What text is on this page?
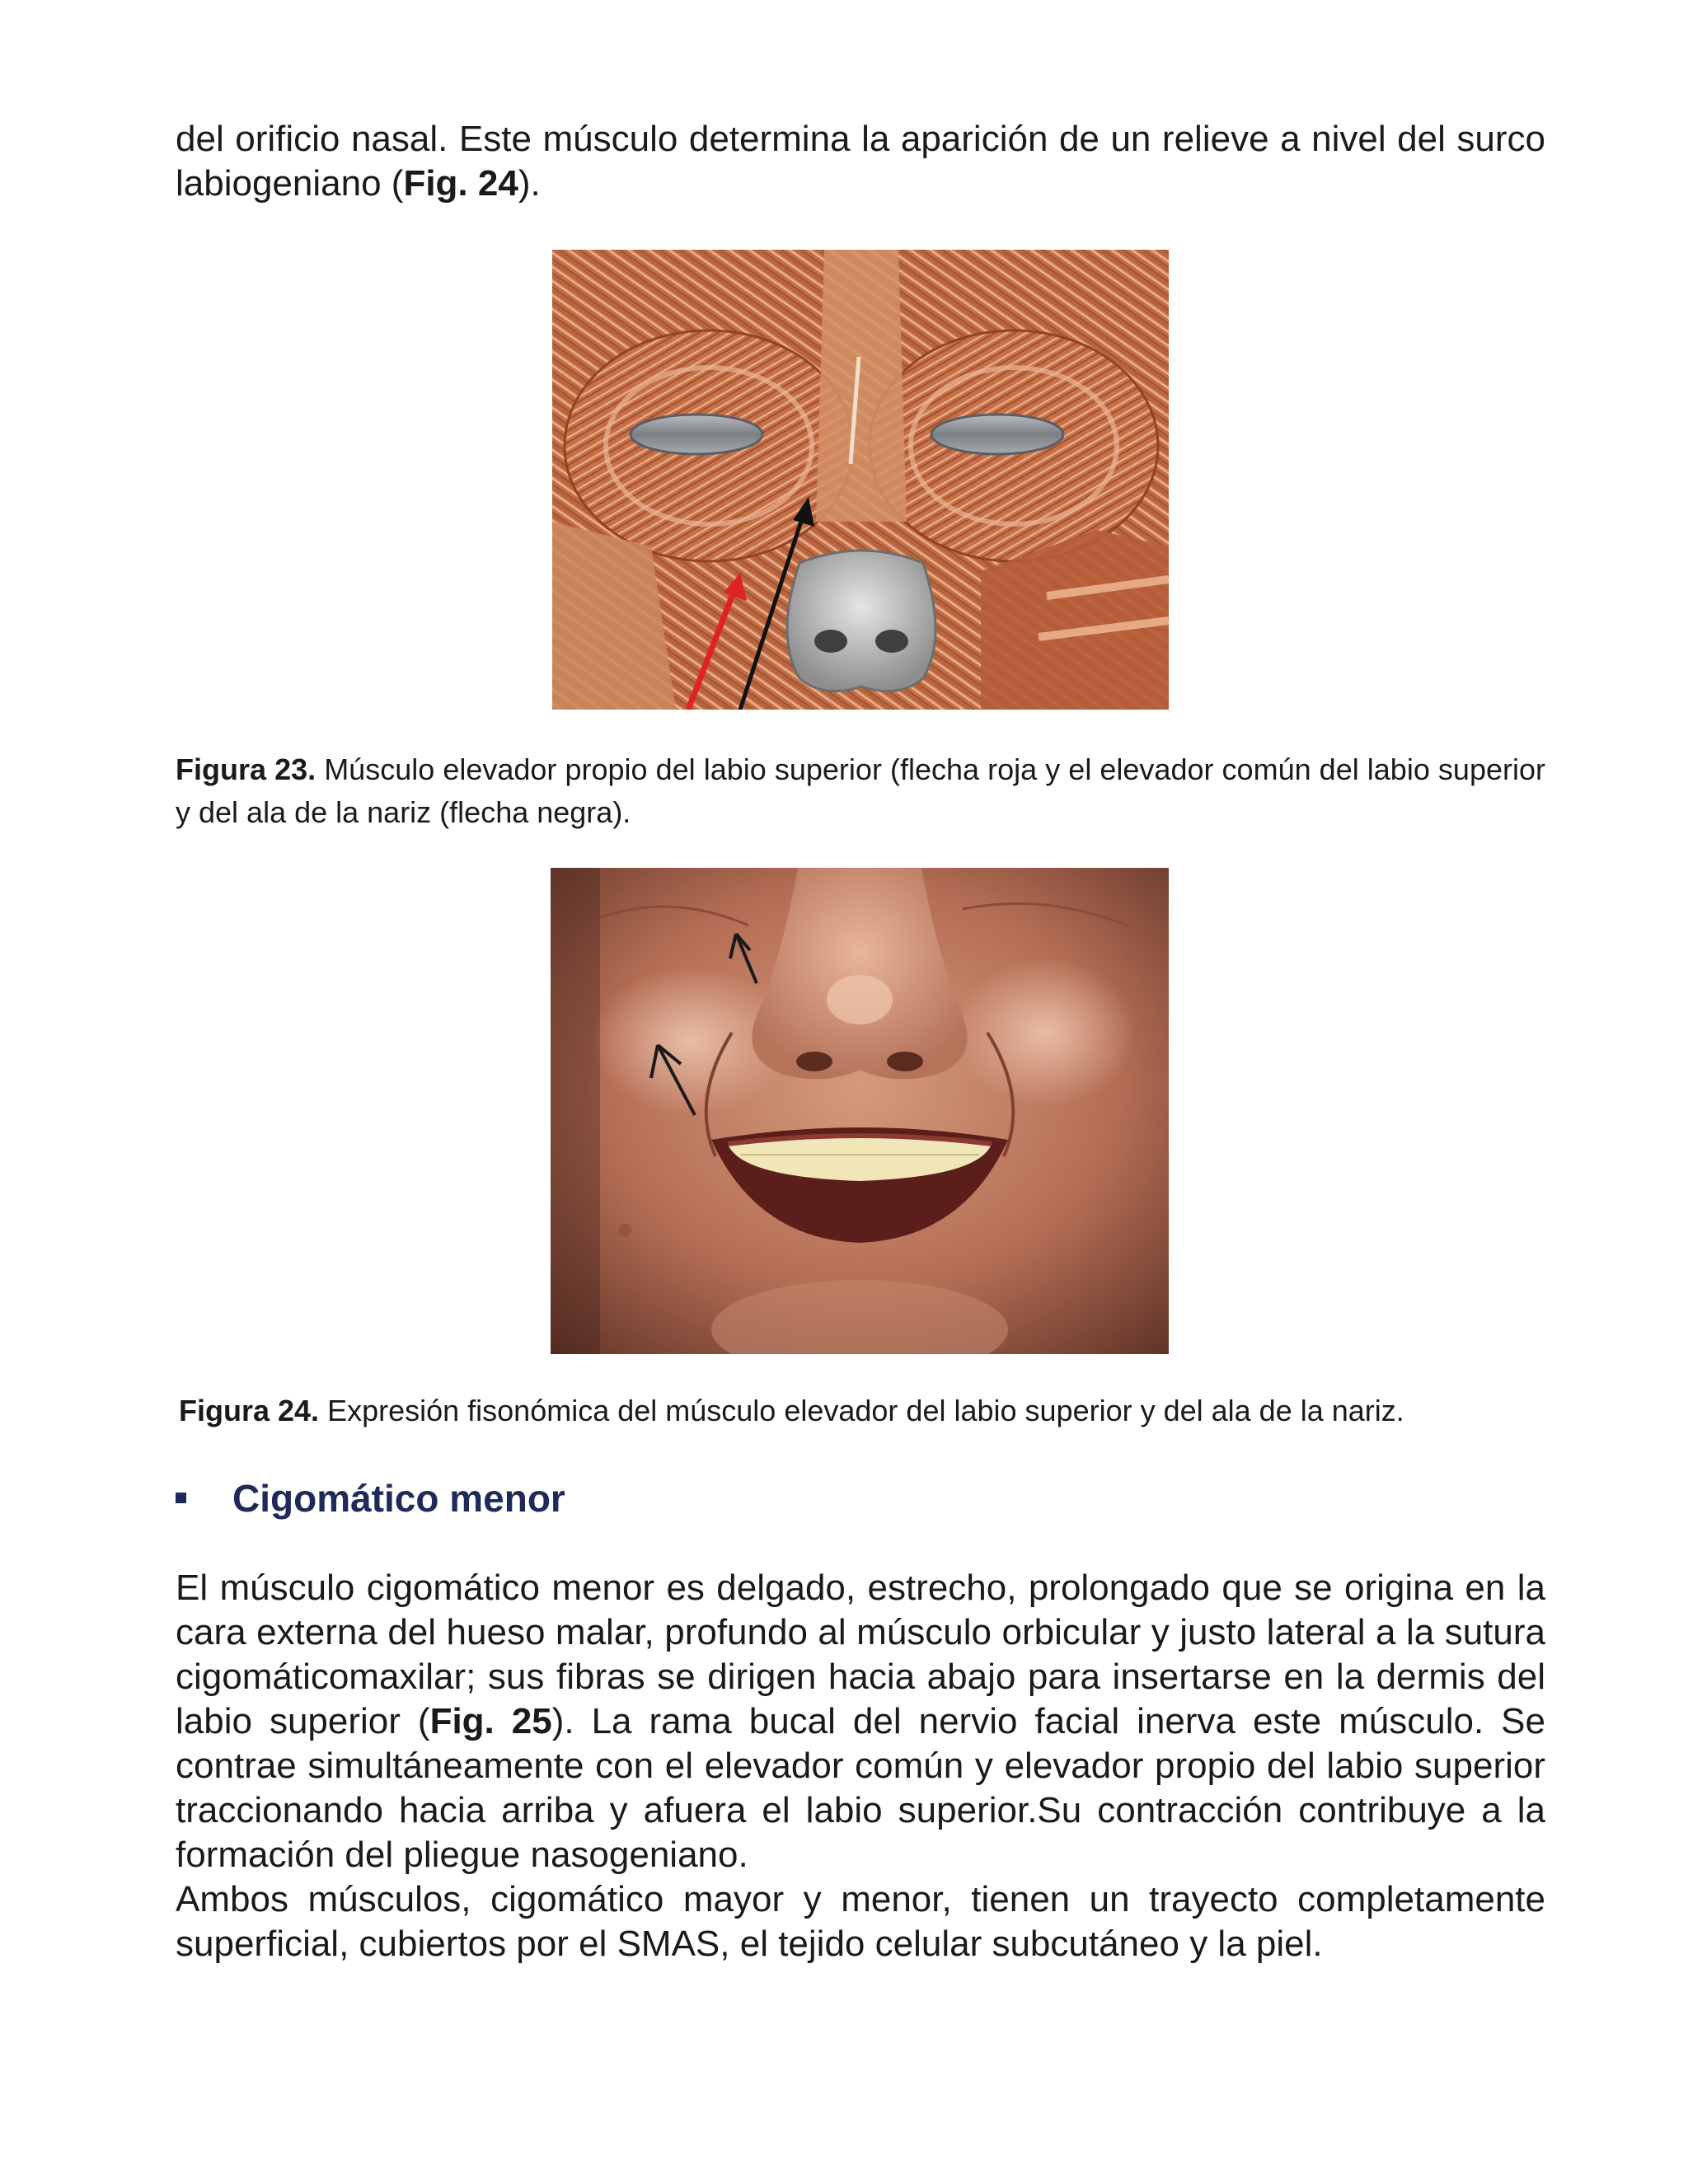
del orificio nasal. Este músculo determina la aparición de un relieve a nivel del surco labiogeniano (Fig. 24).

Figura 23. Músculo elevador propio del labio superior (flecha roja y el elevador común del labio superior y del ala de la nariz (flecha negra).

Figura 24. Expresión fisonómica del músculo elevador del labio superior y del ala de la nariz.

Cigomático menor

El músculo cigomático menor es delgado, estrecho, prolongado que se origina en la cara externa del hueso malar, profundo al músculo orbicular y justo lateral a la sutura cigomáticomaxilar; sus fibras se dirigen hacia abajo para insertarse en la dermis del labio superior (Fig. 25). La rama bucal del nervio facial inerva este músculo. Se contrae simultáneamente con el elevador común y elevador propio del labio superior traccionando hacia arriba y afuera el labio superior.Su contracción contribuye a la formación del pliegue nasogeniano.

Ambos músculos, cigomático mayor y menor, tienen un trayecto completamente superficial, cubiertos por el SMAS, el tejido celular subcutáneo y la piel.
